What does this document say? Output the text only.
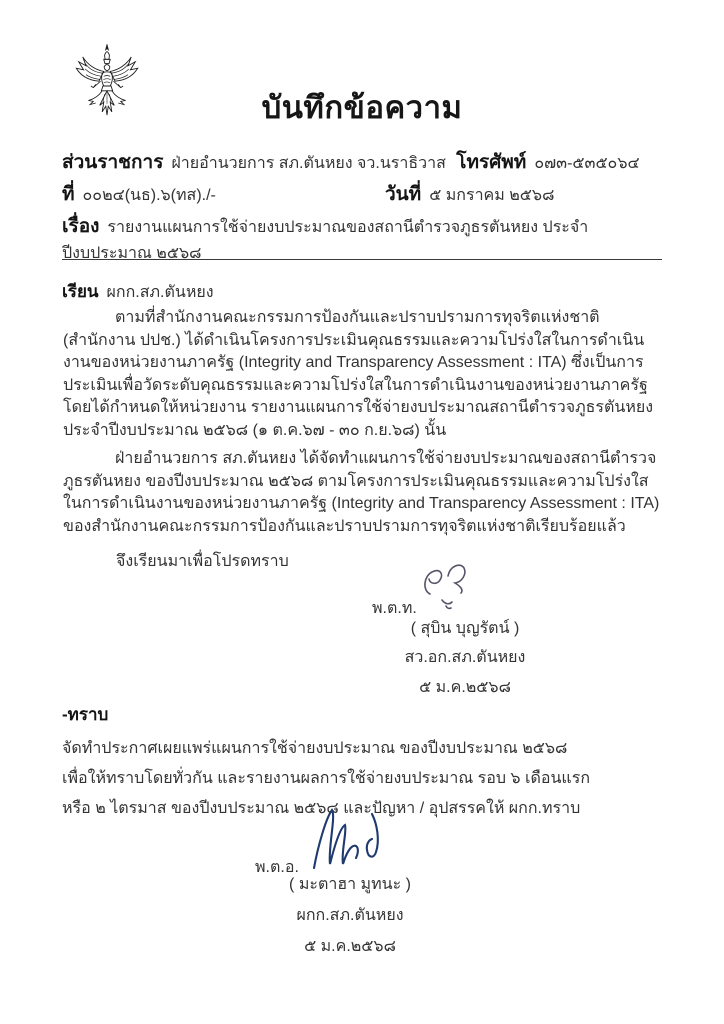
บันทึกข้อความ
ส่วนราชการ ฝ่ายอำนวยการ สภ.ตันหยง จว.นราธิวาส โทรศัพท์ ๐๗๓-๕๓๕๐๖๔
ที่ ๐๐๒๔(นธ).๖(ทส)./-	วันที่ ๕ มกราคม ๒๕๖๘
เรื่อง รายงานแผนการใช้จ่ายงบประมาณของสถานีตำรวจภูธรตันหยง ประจำปีงบประมาณ ๒๕๖๘
เรียน ผกก.สภ.ตันหยง
ตามที่สำนักงานคณะกรรมการป้องกันและปราบปรามการทุจริตแห่งชาติ (สำนักงาน ปปช.) ได้ดำเนินโครงการประเมินคุณธรรมและความโปร่งใสในการดำเนินงานของหน่วยงานภาครัฐ (Integrity and Transparency Assessment : ITA) ซึ่งเป็นการประเมินเพื่อวัดระดับคุณธรรมและความโปร่งใสในการดำเนินงานของหน่วยงานภาครัฐ โดยได้กำหนดให้หน่วยงาน รายงานแผนการใช้จ่ายงบประมาณสถานีตำรวจภูธรตันหยง ประจำปีงบประมาณ ๒๕๖๘ (๑ ต.ค.๖๗ - ๓๐ ก.ย.๖๘) นั้น
ฝ่ายอำนวยการ สภ.ตันหยง ได้จัดทำแผนการใช้จ่ายงบประมาณของสถานีตำรวจภูธรตันหยง ของปีงบประมาณ ๒๕๖๘ ตามโครงการประเมินคุณธรรมและความโปร่งใสในการดำเนินงานของหน่วยงานภาครัฐ (Integrity and Transparency Assessment : ITA) ของสำนักงานคณะกรรมการป้องกันและปราบปรามการทุจริตแห่งชาติเรียบร้อยแล้ว
จึงเรียนมาเพื่อโปรดทราบ
พ.ต.ท.
( สุบิน บุญรัตน์ )
สว.อก.สภ.ตันหยง
๕ ม.ค.๒๕๖๘
-ทราบ
จัดทำประกาศเผยแพร่แผนการใช้จ่ายงบประมาณ ของปีงบประมาณ ๒๕๖๘
เพื่อให้ทราบโดยทั่วกัน และรายงานผลการใช้จ่ายงบประมาณ รอบ ๖ เดือนแรก
หรือ ๒ ไตรมาส ของปีงบประมาณ ๒๕๖๘ และปัญหา / อุปสรรคให้ ผกก.ทราบ
พ.ต.อ.
( มะตาฮา มูทนะ )
ผกก.สภ.ตันหยง
๕ ม.ค.๒๕๖๘
